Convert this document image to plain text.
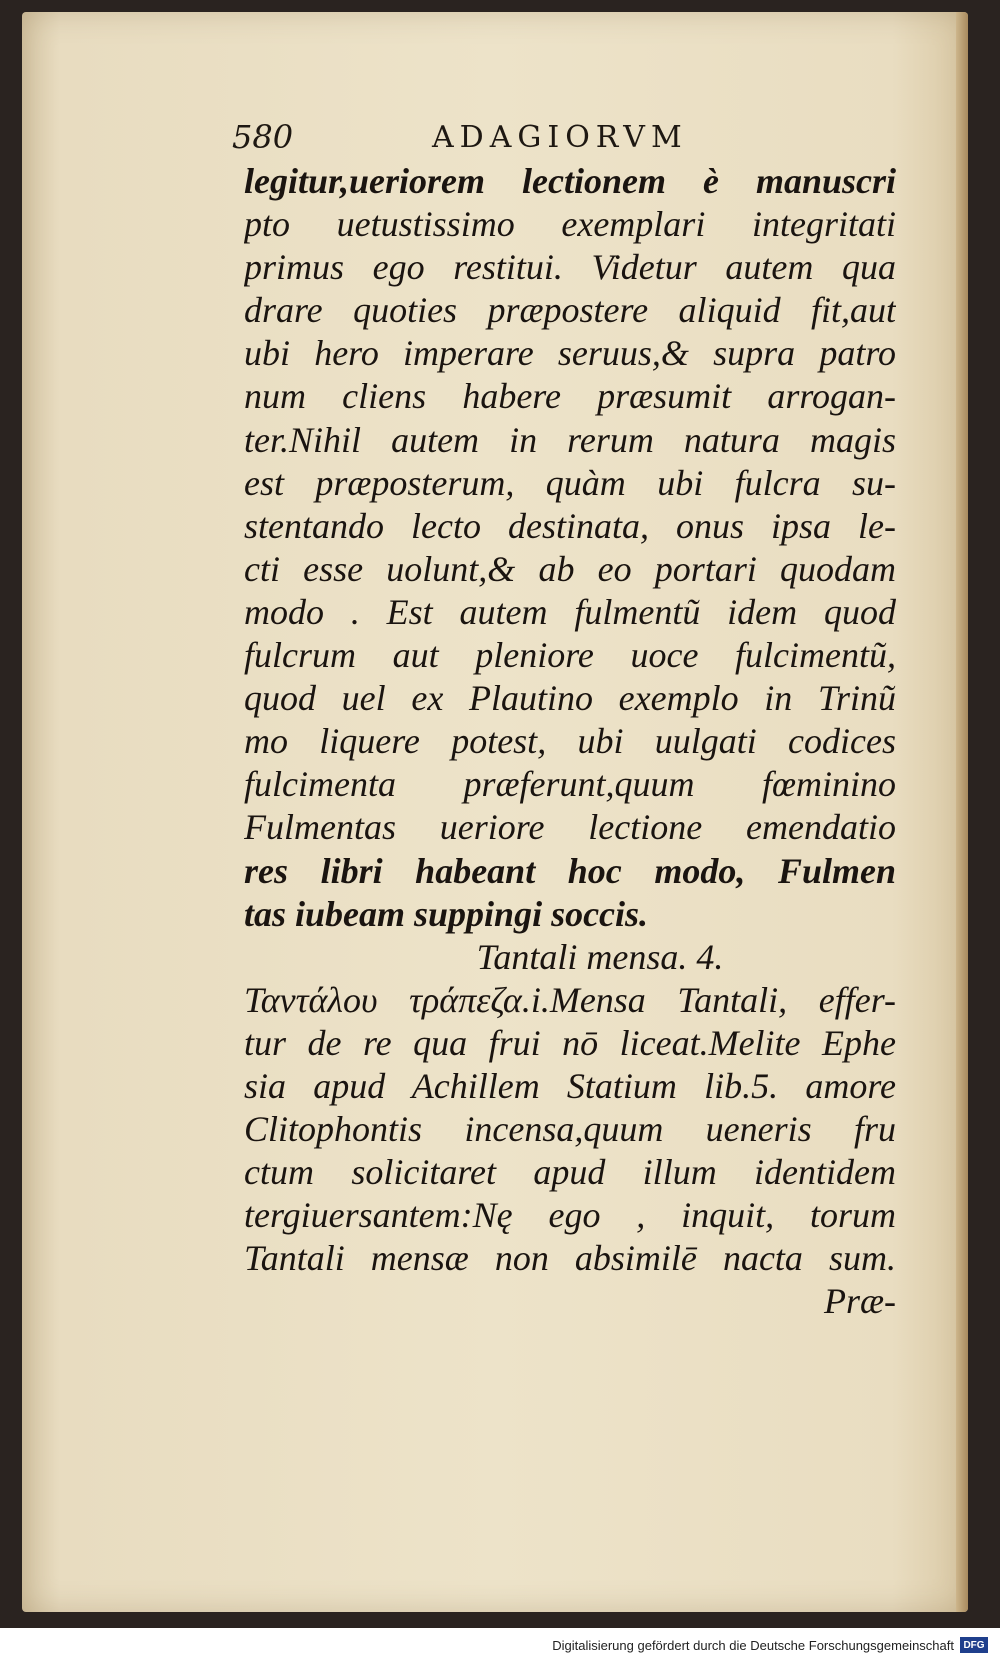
580	ADAGIORVM
legitur,ueriorem lectionem è manuscri
pto uetustissimo exemplari integritati
primus ego restitui. Videtur autem qua
drare quoties præpostere aliquid fit,aut
ubi hero imperare seruus,& supra patro
num cliens habere præsumit arrogan-
ter.Nihil autem in rerum natura magis
est præposterum, quàm ubi fulcra su-
stentando lecto destinata, onus ipsa le-
cti esse uolunt,& ab eo portari quodam
modo . Est autem fulmentũ idem quod
fulcrum aut pleniore uoce fulcimentũ,
quod uel ex Plautino exemplo in Trinũ
mo liquere potest, ubi uulgati codices
fulcimenta præferunt,quum fœminino
Fulmentas ueriore lectione emendatio
res libri habeant hoc modo, Fulmen
tas iubeam suppingi soccis.
Tantali mensa. 4.
Ταντάλου τράπεζα.i.Mensa Tantali, effer-
tur de re qua frui nō liceat.Melite Ephe
sia apud Achillem Statium lib.5. amore
Clitophontis incensa,quum ueneris fru
ctum solicitaret apud illum identidem
tergiuersantem:Nę ego , inquit, torum
Tantali mensæ non absimilē nacta sum.
Præ-
Digitalisierung gefördert durch die Deutsche Forschungsgemeinschaft DFG
